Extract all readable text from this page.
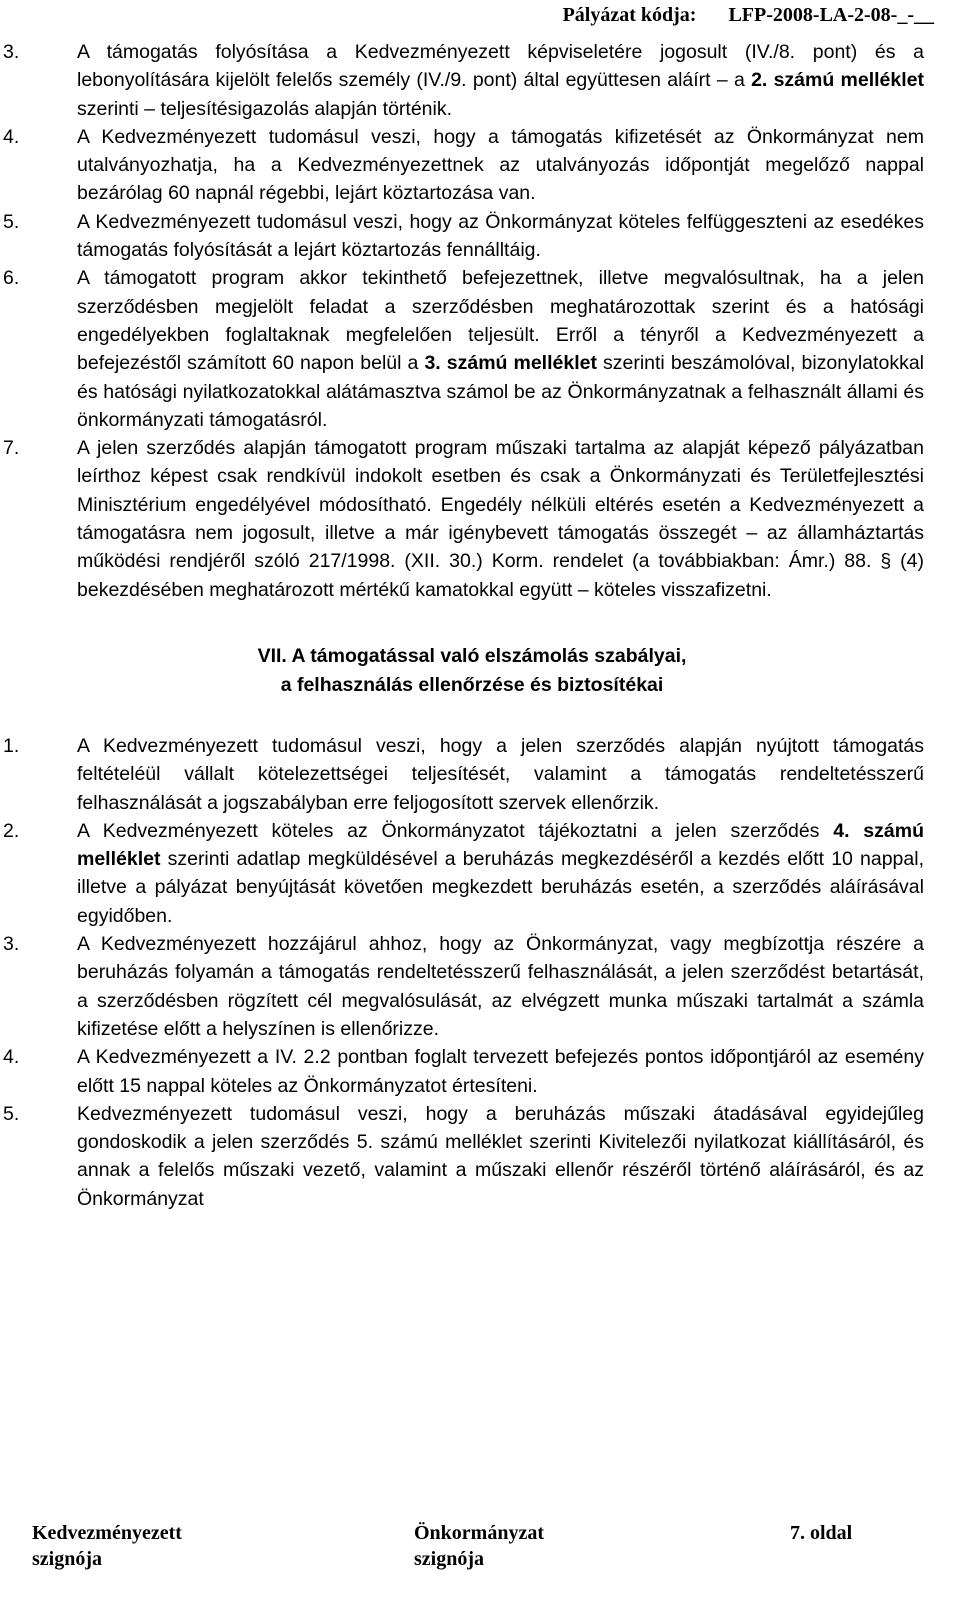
Pályázat kódja: LFP-2008-LA-2-08-_-__
3.	A támogatás folyósítása a Kedvezményezett képviseletére jogosult (IV./8. pont) és a lebonyolítására kijelölt felelős személy (IV./9. pont) által együttesen aláírt – a 2. számú melléklet szerinti – teljesítésigazolás alapján történik.
4.	A Kedvezményezett tudomásul veszi, hogy a támogatás kifizetését az Önkormányzat nem utalványozhatja, ha a Kedvezményezettnek az utalványozás időpontját megelőző nappal bezárólag 60 napnál régebbi, lejárt köztartozása van.
5.	A Kedvezményezett tudomásul veszi, hogy az Önkormányzat köteles felfüggeszteni az esedékes támogatás folyósítását a lejárt köztartozás fennálltáig.
6.	A támogatott program akkor tekinthető befejezettnek, illetve megvalósultnak, ha a jelen szerződésben megjelölt feladat a szerződésben meghatározottak szerint és a hatósági engedélyekben foglaltaknak megfelelően teljesült. Erről a tényről a Kedvezményezett a befejezéstől számított 60 napon belül a 3. számú melléklet szerinti beszámolóval, bizonylatokkal és hatósági nyilatkozatokkal alátámasztva számol be az Önkormányzatnak a felhasznált állami és önkormányzati támogatásról.
7.	A jelen szerződés alapján támogatott program műszaki tartalma az alapját képező pályázatban leírthoz képest csak rendkívül indokolt esetben és csak a Önkormányzati és Területfejlesztési Minisztérium engedélyével módosítható. Engedély nélküli eltérés esetén a Kedvezményezett a támogatásra nem jogosult, illetve a már igénybevett támogatás összegét – az államháztartás működési rendjéről szóló 217/1998. (XII. 30.) Korm. rendelet (a továbbiakban: Ámr.) 88. § (4) bekezdésében meghatározott mértékű kamatokkal együtt – köteles visszafizetni.
VII. A támogatással való elszámolás szabályai,
a felhasználás ellenőrzése és biztosítékai
1.	A Kedvezményezett tudomásul veszi, hogy a jelen szerződés alapján nyújtott támogatás feltételéül vállalt kötelezettségei teljesítését, valamint a támogatás rendeltetésszerű felhasználását a jogszabályban erre feljogosított szervek ellenőrzik.
2.	A Kedvezményezett köteles az Önkormányzatot tájékoztatni a jelen szerződés 4. számú melléklet szerinti adatlap megküldésével a beruházás megkezdéséről a kezdés előtt 10 nappal, illetve a pályázat benyújtását követően megkezdett beruházás esetén, a szerződés aláírásával egyidőben.
3.	A Kedvezményezett hozzájárul ahhoz, hogy az Önkormányzat, vagy megbízottja részére a beruházás folyamán a támogatás rendeltetésszerű felhasználását, a jelen szerződést betartását, a szerződésben rögzített cél megvalósulását, az elvégzett munka műszaki tartalmát a számla kifizetése előtt a helyszínen is ellenőrizze.
4.	A Kedvezményezett a IV. 2.2 pontban foglalt tervezett befejezés pontos időpontjáról az esemény előtt 15 nappal köteles az Önkormányzatot értesíteni.
5.	Kedvezményezett tudomásul veszi, hogy a beruházás műszaki átadásával egyidejűleg gondoskodik a jelen szerződés 5. számú melléklet szerinti Kivitelezői nyilatkozat kiállításáról, és annak a felelős műszaki vezető, valamint a műszaki ellenőr részéről történő aláírásáról, és az Önkormányzat
Kedvezményezett
szignója
Önkormányzat
szignója
7. oldal
